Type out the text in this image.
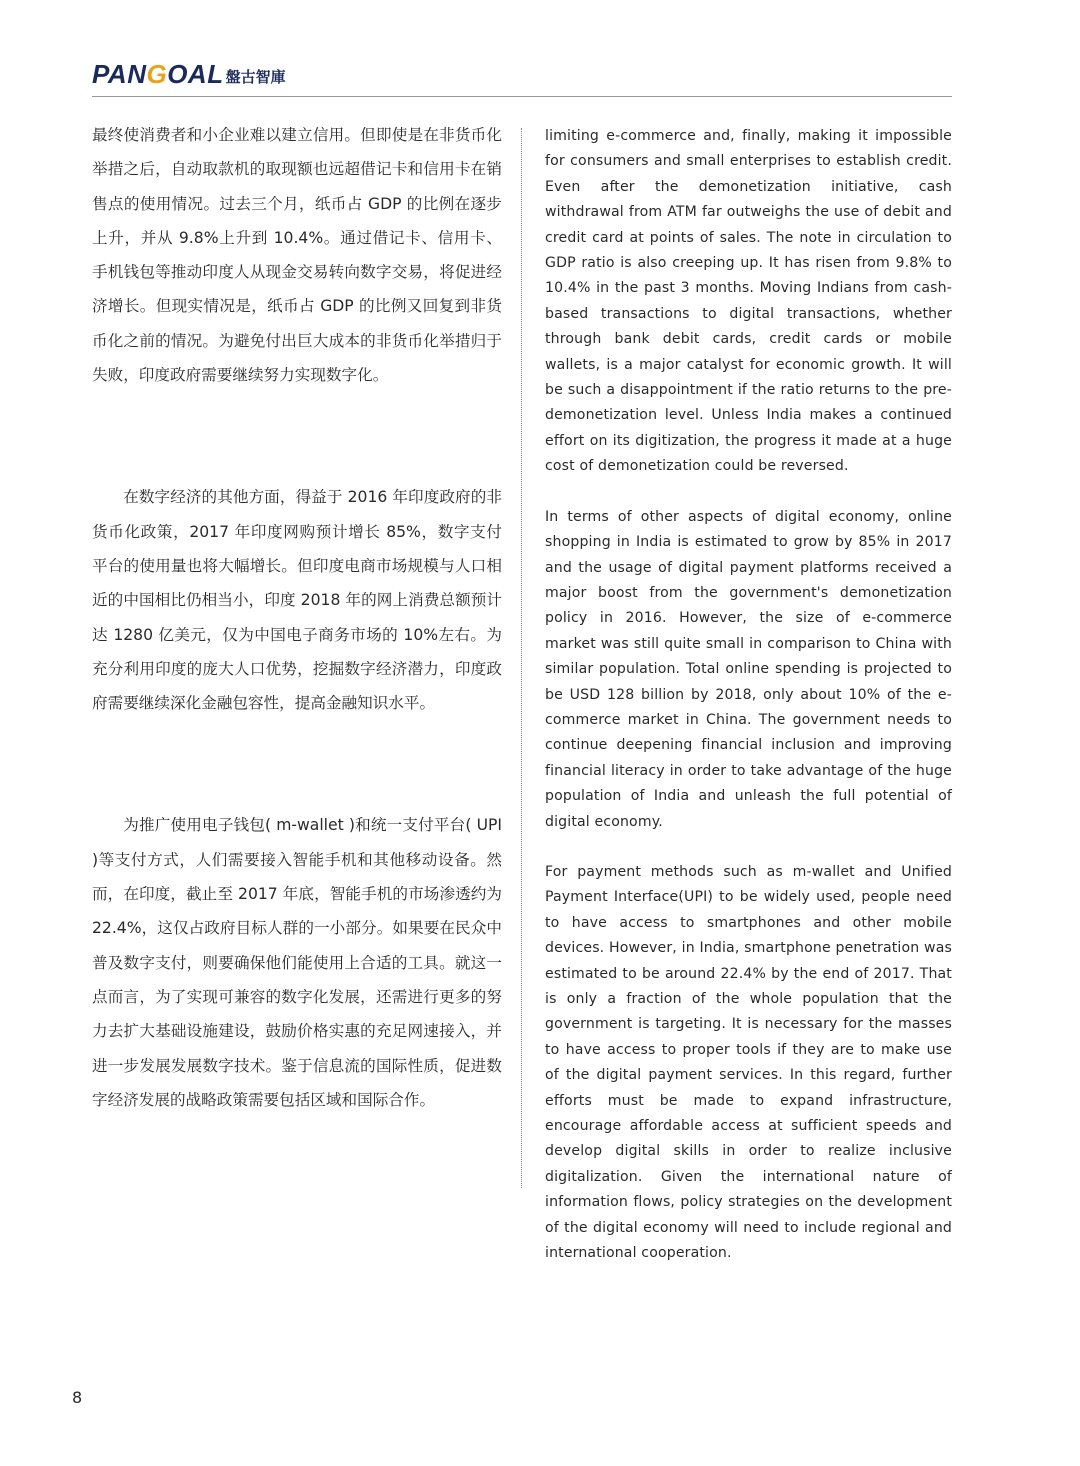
PANGOAL 盤古智庫

最终使消费者和小企业难以建立信用。但即使是在非货币化举措之后，自动取款机的取现额也远超借记卡和信用卡在销售点的使用情况。过去三个月，纸币占 GDP 的比例在逐步上升，并从 9.8%上升到 10.4%。通过借记卡、信用卡、手机钱包等推动印度人从现金交易转向数字交易，将促进经济增长。但现实情况是，纸币占 GDP 的比例又回复到非货币化之前的情况。为避免付出巨大成本的非货币化举措归于失败，印度政府需要继续努力实现数字化。

在数字经济的其他方面，得益于 2016 年印度政府的非货币化政策，2017 年印度网购预计增长 85%，数字支付平台的使用量也将大幅增长。但印度电商市场规模与人口相近的中国相比仍相当小，印度 2018 年的网上消费总额预计达 1280 亿美元，仅为中国电子商务市场的 10%左右。为充分利用印度的庞大人口优势，挖掘数字经济潜力，印度政府需要继续深化金融包容性，提高金融知识水平。

为推广使用电子钱包( m-wallet )和统一支付平台( UPI )等支付方式，人们需要接入智能手机和其他移动设备。然而，在印度，截止至 2017 年底，智能手机的市场渗透约为 22.4%，这仅占政府目标人群的一小部分。如果要在民众中普及数字支付，则要确保他们能使用上合适的工具。就这一点而言，为了实现可兼容的数字化发展，还需进行更多的努力去扩大基础设施建设，鼓励价格实惠的充足网速接入，并进一步发展发展数字技术。鉴于信息流的国际性质，促进数字经济发展的战略政策需要包括区域和国际合作。

limiting e-commerce and, finally, making it impossible for consumers and small enterprises to establish credit. Even after the demonetization initiative, cash withdrawal from ATM far outweighs the use of debit and credit card at points of sales. The note in circulation to GDP ratio is also creeping up. It has risen from 9.8% to 10.4% in the past 3 months. Moving Indians from cash-based transactions to digital transactions, whether through bank debit cards, credit cards or mobile wallets, is a major catalyst for economic growth. It will be such a disappointment if the ratio returns to the pre-demonetization level. Unless India makes a continued effort on its digitization, the progress it made at a huge cost of demonetization could be reversed.

In terms of other aspects of digital economy, online shopping in India is estimated to grow by 85% in 2017 and the usage of digital payment platforms received a major boost from the government's demonetization policy in 2016. However, the size of e-commerce market was still quite small in comparison to China with similar population. Total online spending is projected to be USD 128 billion by 2018, only about 10% of the e-commerce market in China. The government needs to continue deepening financial inclusion and improving financial literacy in order to take advantage of the huge population of India and unleash the full potential of digital economy.

For payment methods such as m-wallet and Unified Payment Interface(UPI) to be widely used, people need to have access to smartphones and other mobile devices. However, in India, smartphone penetration was estimated to be around 22.4% by the end of 2017. That is only a fraction of the whole population that the government is targeting. It is necessary for the masses to have access to proper tools if they are to make use of the digital payment services. In this regard, further efforts must be made to expand infrastructure, encourage affordable access at sufficient speeds and develop digital skills in order to realize inclusive digitalization. Given the international nature of information flows, policy strategies on the development of the digital economy will need to include regional and international cooperation.

8
